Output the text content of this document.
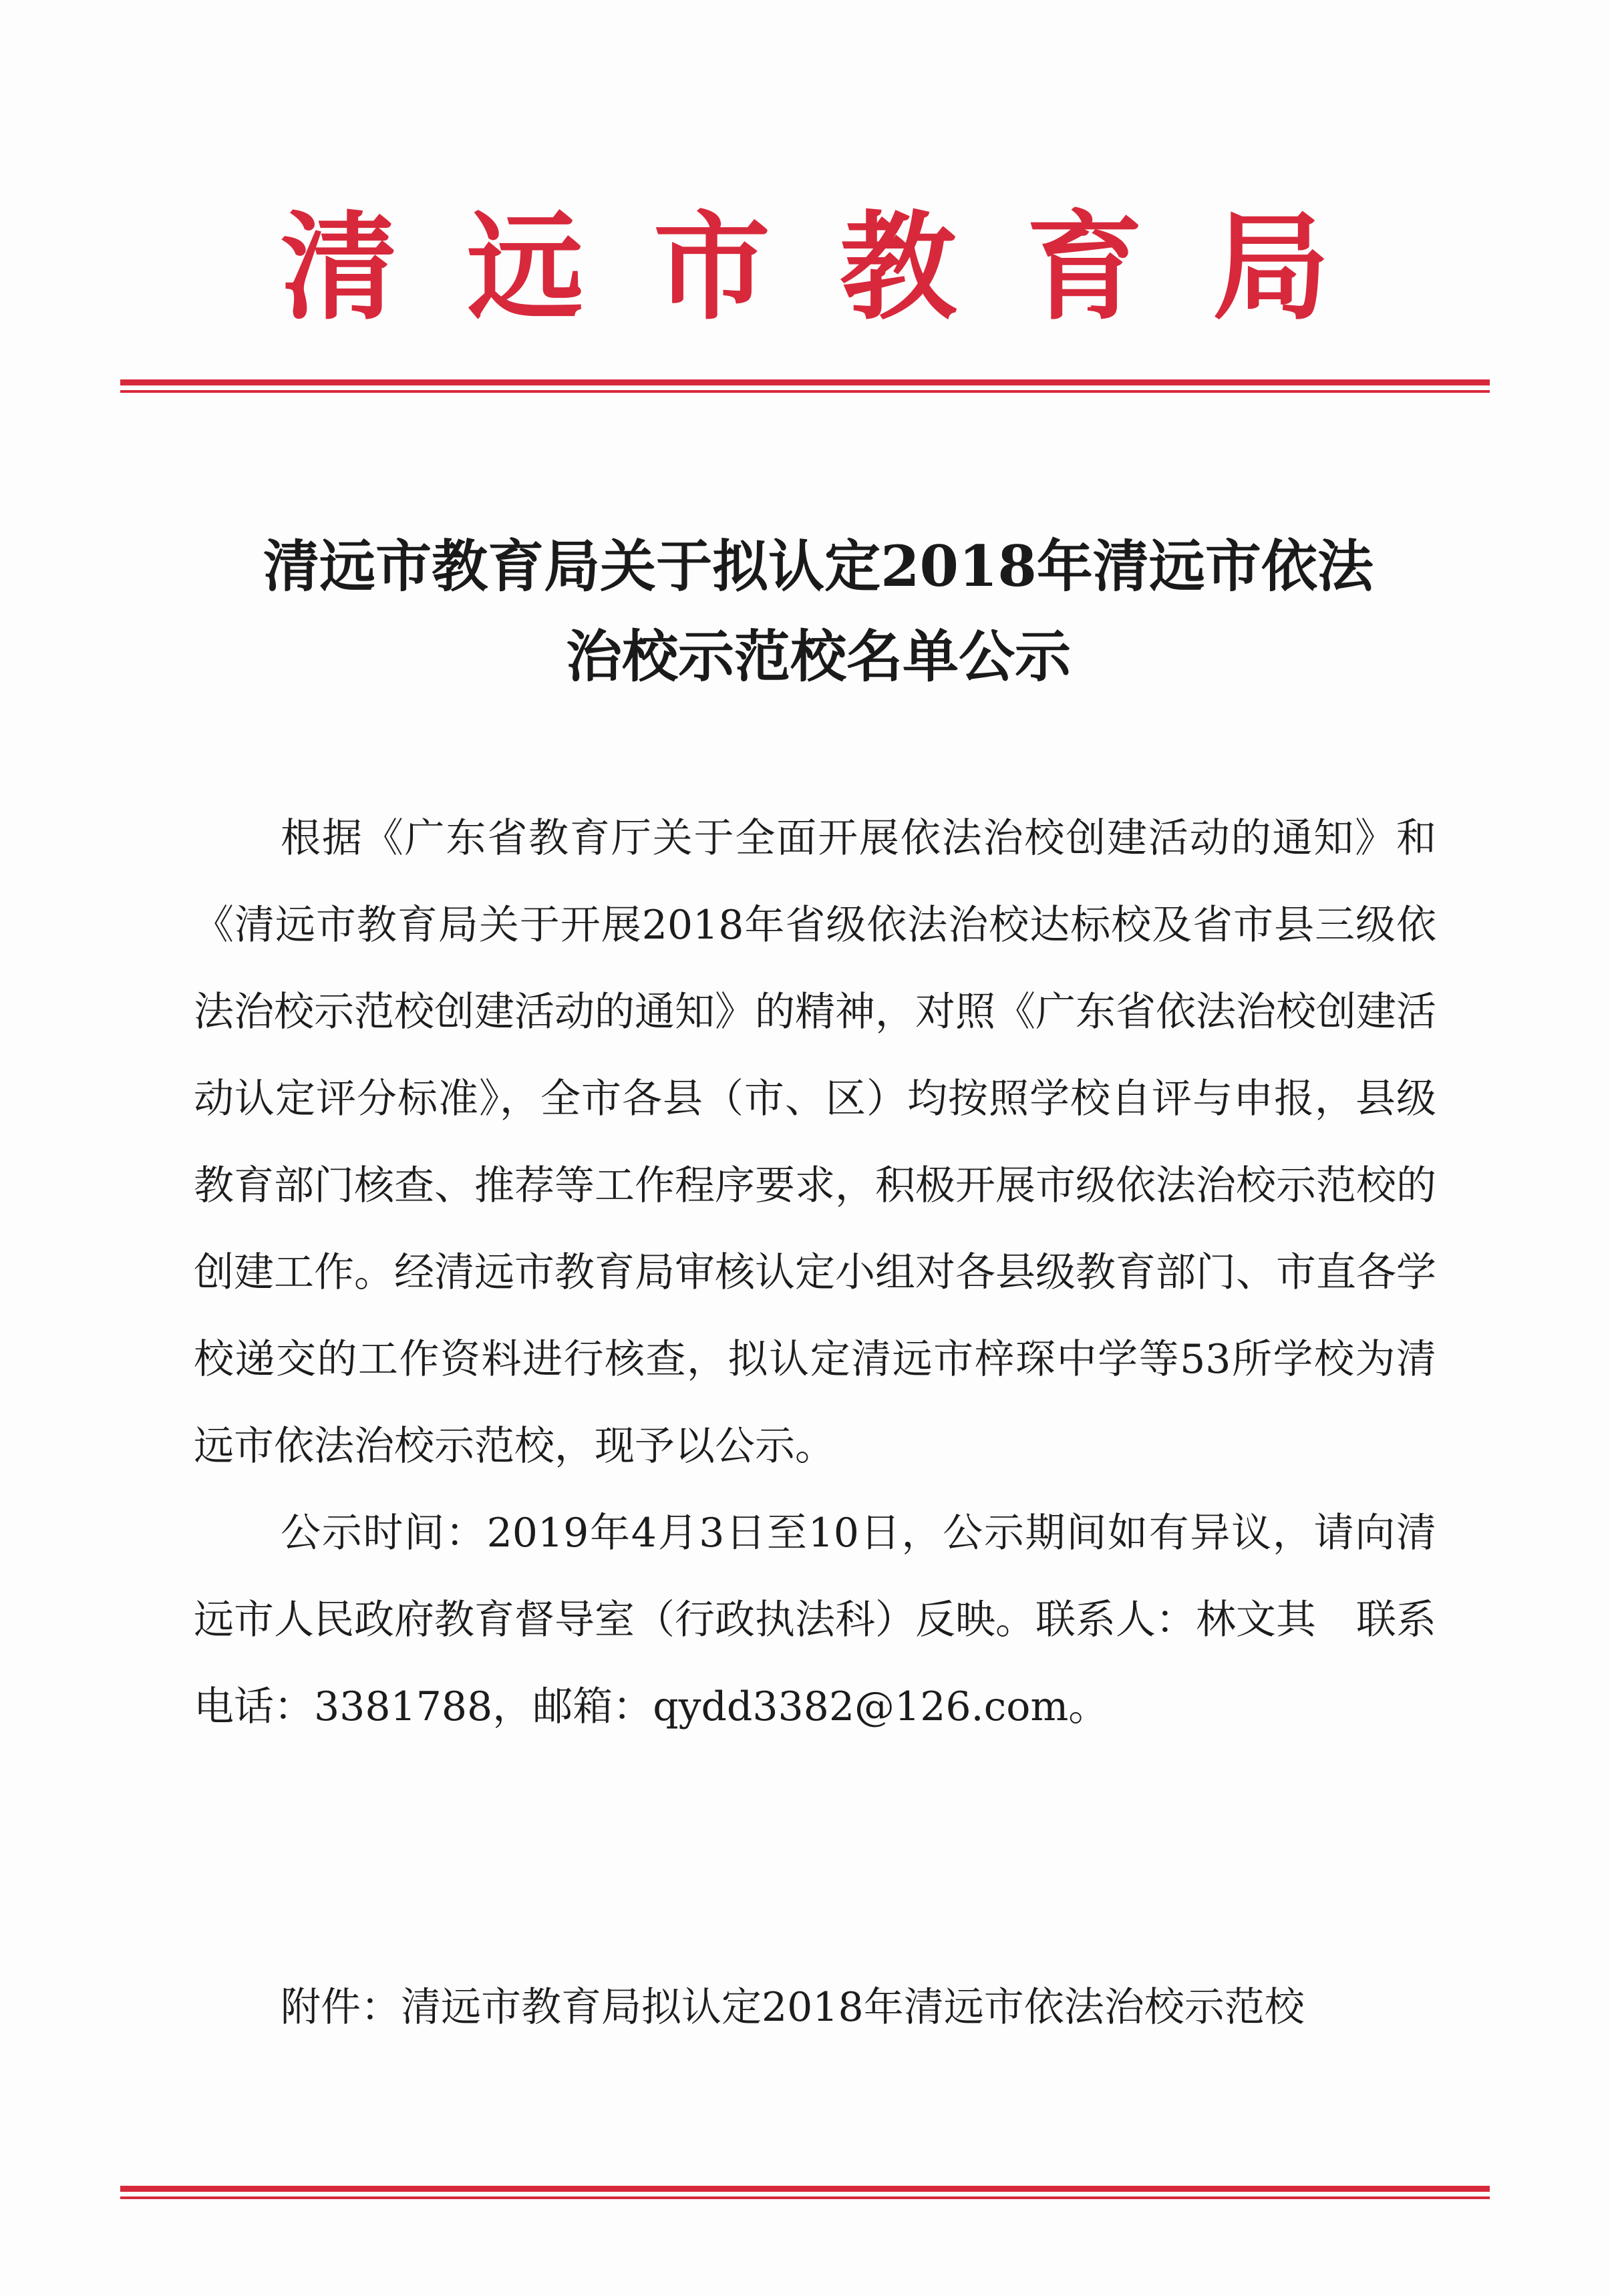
清 远 市 教 育 局
清远市教育局关于拟认定2018年清远市依法
治校示范校名单公示

根据《广东省教育厅关于全面开展依法治校创建活动的通知》和《清远市教育局关于开展2018年省级依法治校达标校及省市县三级依法治校示范校创建活动的通知》的精神，对照《广东省依法治校创建活动认定评分标准》，全市各县（市、区）均按照学校自评与申报，县级教育部门核查、推荐等工作程序要求，积极开展市级依法治校示范校的创建工作。经清远市教育局审核认定小组对各县级教育部门、市直各学校递交的工作资料进行核查，拟认定清远市梓琛中学等53所学校为清远市依法治校示范校，现予以公示。

公示时间：2019年4月3日至10日，公示期间如有异议，请向清远市人民政府教育督导室（行政执法科）反映。联系人：林文其　联系电话：3381788，邮箱：qydd3382@126.com。

附件：清远市教育局拟认定2018年清远市依法治校示范校
